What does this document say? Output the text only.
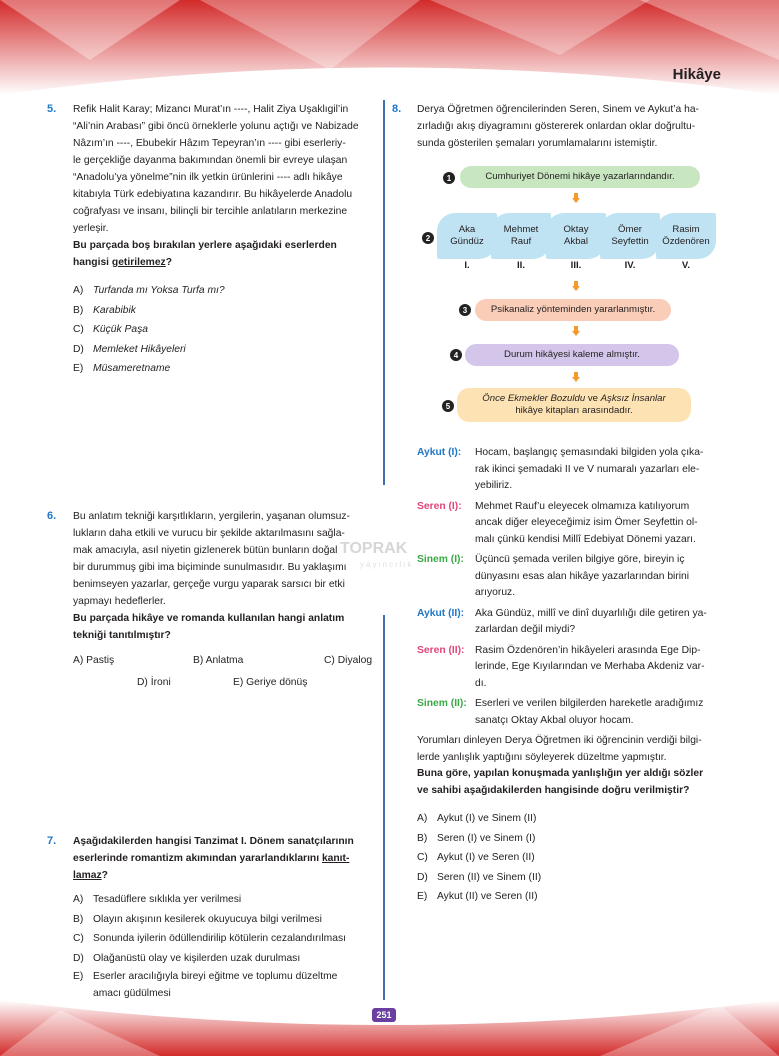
Hikâye
251
TOPRAK
yayıncılık
5. Refik Halit Karay; Mizancı Murat’ın ----, Halit Ziya Uşaklıgil’in
“Ali’nin Arabası” gibi öncü örneklerle yolunu açtığı ve Nabizade
Nâzım’ın ----, Ebubekir Hâzım Tepeyran’ın ---- gibi eserleriy-
le gerçekliğe dayanma bakımından önemli bir evreye ulaşan
“Anadolu’ya yönelme”nin ilk yetkin ürünlerini ---- adlı hikâye
kitabıyla Türk edebiyatına kazandırır. Bu hikâyelerde Anadolu
coğrafyası ve insanı, bilinçli bir tercihle anlatıların merkezine
yerleşir.
Bu parçada boş bırakılan yerlere aşağıdaki eserlerden
hangisi getirilemez?
A) Turfanda mı Yoksa Turfa mı?
B) Karabibik
C) Küçük Paşa
D) Memleket Hikâyeleri
E) Müsameretname
6. Bu anlatım tekniği karşıtlıkların, yergilerin, yaşanan olumsuz-
lukların daha etkili ve vurucu bir şekilde aktarılmasını sağla-
mak amacıyla, asıl niyetin gizlenerek bütün bunların doğal
bir durummuş gibi ima biçiminde sunulmasıdır. Bu yaklaşımı
benimseyen yazarlar, gerçeğe vurgu yaparak sarsıcı bir etki
yapmayı hedeflerler.
Bu parçada hikâye ve romanda kullanılan hangi anlatım
tekniği tanıtılmıştır?
A) Pastiş	B) Anlatma	C) Diyalog
D) İroni	E) Geriye dönüş
7. Aşağıdakilerden hangisi Tanzimat I. Dönem sanatçılarının
eserlerinde romantizm akımından yararlandıklarını kanıt-
lamaz?
A) Tesadüflere sıklıkla yer verilmesi
B) Olayın akışının kesilerek okuyucuya bilgi verilmesi
C) Sonunda iyilerin ödüllendirilip kötülerin cezalandırılması
D) Olağanüstü olay ve kişilerden uzak durulması
E) Eserler aracılığıyla bireyi eğitme ve toplumu düzeltme
amacı güdülmesi
8. Derya Öğretmen öğrencilerinden Seren, Sinem ve Aykut’a ha-
zırladığı akış diyagramını göstererek onlardan oklar doğrultu-
sunda gösterilen şemaları yorumlamalarını istemiştir.
1	Cumhuriyet Dönemi hikâye yazarlarındandır.
2
Aka
Gündüz
Mehmet
Rauf
Oktay
Akbal
Ömer
Seyfettin
Rasim
Özdenören
I.	II.	III.	IV.	V.
3	Psikanaliz yönteminden yararlanmıştır.
4	Durum hikâyesi kaleme almıştır.
5
Önce Ekmekler Bozuldu ve Aşksız İnsanlar
hikâye kitapları arasındadır.
Aykut (I):	Hocam, başlangıç şemasındaki bilgiden yola çıka-
rak ikinci şemadaki II ve V numaralı yazarları ele-
yebiliriz.
Seren (I):	Mehmet Rauf’u eleyecek olmamıza katılıyorum
ancak diğer eleyeceğimiz isim Ömer Seyfettin ol-
malı çünkü kendisi Millî Edebiyat Dönemi yazarı.
Sinem (I):	Üçüncü şemada verilen bilgiye göre, bireyin iç
dünyasını esas alan hikâye yazarlarından birini
arıyoruz.
Aykut (II):	Aka Gündüz, millî ve dinî duyarlılığı dile getiren ya-
zarlardan değil miydi?
Seren (II):	Rasim Özdenören’in hikâyeleri arasında Ege Dip-
lerinde, Ege Kıyılarından ve Merhaba Akdeniz var-
dı.
Sinem (II): Eserleri ve verilen bilgilerden hareketle aradığımız
sanatçı Oktay Akbal oluyor hocam.
Yorumları dinleyen Derya Öğretmen iki öğrencinin verdiği bilgi-
lerde yanlışlık yaptığını söyleyerek düzeltme yapmıştır.
Buna göre, yapılan konuşmada yanlışlığın yer aldığı sözler
ve sahibi aşağıdakilerden hangisinde doğru verilmiştir?
A) Aykut (I) ve Sinem (II)
B) Seren (I) ve Sinem (I)
C) Aykut (I) ve Seren (II)
D) Seren (II) ve Sinem (II)
E) Aykut (II) ve Seren (II)
